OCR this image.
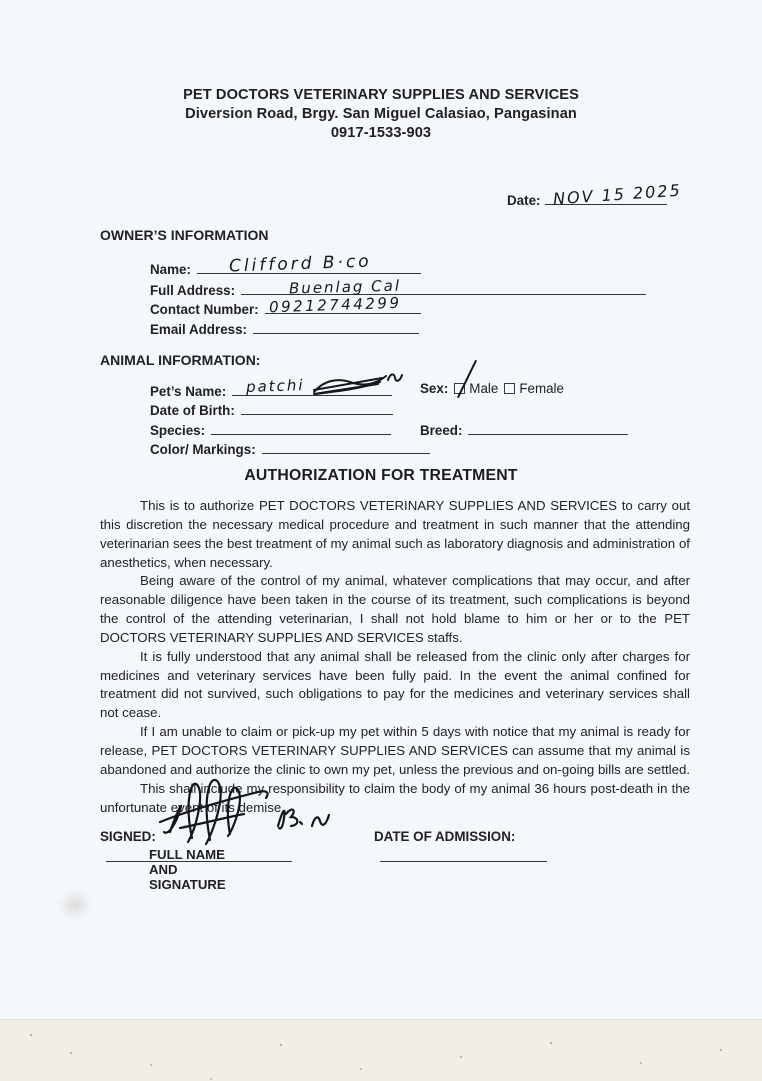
PET DOCTORS VETERINARY SUPPLIES AND SERVICES
Diversion Road, Brgy. San Miguel Calasiao, Pangasinan
0917-1533-903
Date: NOV 15 2025
OWNER’S INFORMATION
Name: Clifford B·co
Full Address:	Buenlag Cal
Contact Number: 09212744299
Email Address:
ANIMAL INFORMATION:
Pet’s Name: patchi
Date of Birth:
Species:
Color/ Markings:
Sex: Male Female
Breed:
AUTHORIZATION FOR TREATMENT

This is to authorize PET DOCTORS VETERINARY SUPPLIES AND SERVICES to carry out this discretion the necessary medical procedure and treatment in such manner that the attending veterinarian sees the best treatment of my animal such as laboratory diagnosis and administration of anesthetics, when necessary.

Being aware of the control of my animal, whatever complications that may occur, and after reasonable diligence have been taken in the course of its treatment, such complications is beyond the control of the attending veterinarian, I shall not hold blame to him or her or to the PET DOCTORS VETERINARY SUPPLIES AND SERVICES staffs.

It is fully understood that any animal shall be released from the clinic only after charges for medicines and veterinary services have been fully paid. In the event the animal confined for treatment did not survived, such obligations to pay for the medicines and veterinary services shall not cease.

If I am unable to claim or pick-up my pet within 5 days with notice that my animal is ready for release, PET DOCTORS VETERINARY SUPPLIES AND SERVICES can assume that my animal is abandoned and authorize the clinic to own my pet, unless the previous and on-going bills are settled.

This shall include my responsibility to claim the body of my animal 36 hours post-death in the unfortunate event of its demise.

SIGNED:
FULL NAME AND SIGNATURE
DATE OF ADMISSION:
